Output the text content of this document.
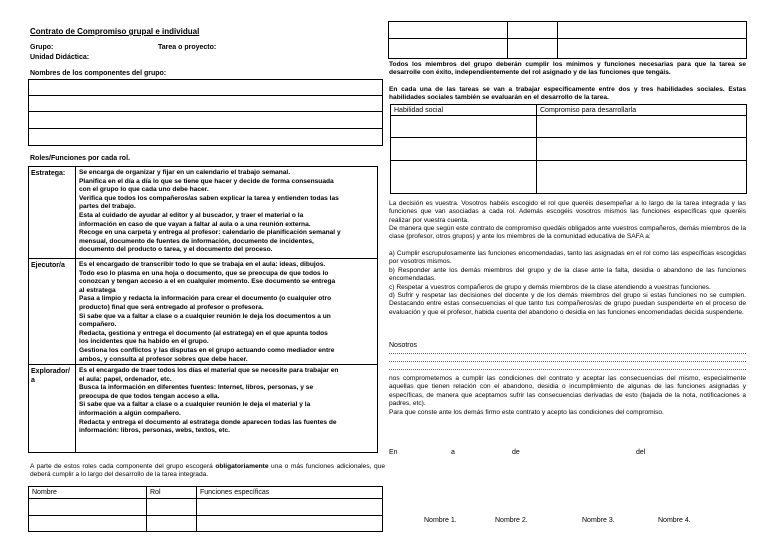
Contrato de Compromiso grupal e individual
Grupo:	Tarea o proyecto:
Unidad Didáctica:
Nombres de los componentes del grupo:
Roles/Funciones por cada rol.
Estratega: Se encarga de organizar y fijar en un calendario el trabajo semanal.
Planifica en el día a día lo que se tiene que hacer y decide de forma consensuada
con el grupo lo que cada uno debe hacer.
Verifica que todos los compañeros/as saben explicar la tarea y entienden todas las
partes del trabajo.
Esta al cuidado de ayudar al editor y al buscador, y traer el material o la
información en caso de que vayan a faltar al aula o a una reunión externa.
Recoge en una carpeta y entrega al profesor: calendario de planificación semanal y
mensual, documento de fuentes de información, documento de incidentes,
documento del producto o tarea, y el documento del proceso.
Ejecutor/a Es el encargado de transcribir todo lo que se trabaja en el aula: ideas, dibujos.
Todo eso lo plasma en una hoja o documento, que se preocupa de que todos lo
conozcan y tengan acceso a el en cualquier momento. Ese documento se entrega
al estratega
Pasa a limpio y redacta la información para crear el documento (o cualquier otro
producto) final que será entregado al profesor o profesora.
Si sabe que va a faltar a clase o a cualquier reunión le deja los documentos a un
compañero.
Redacta, gestiona y entrega el documento (al estratega) en el que apunta todos
los incidentes que ha habido en el grupo.
Gestiona los conflictos y las disputas en el grupo actuando como mediador entre
ambos, y consulta al profesor sobres que debe hacer.
Explorador/a
Es el encargado de traer todos los días el material que se necesite para trabajar en
el aula: papel, ordenador, etc.
Busca la información en diferentes fuentes: Internet, libros, personas, y se
preocupa de que todos tengan acceso a ella.
Si sabe que va a faltar a clase o a cualquier reunión le deja el material y la
información a algún compañero.
Redacta y entrega el documento al estratega donde aparecen todas las fuentes de
información: libros, personas, webs, textos, etc.
A parte de estos roles cada componente del grupo escogerá obligatoriamente una o más funciones adicionales, que deberá cumplir a lo largo del desarrollo de la tarea integrada.
Nombre	Rol	Funciones específicas
Todos los miembros del grupo deberán cumplir los mínimos y funciones necesarias para que la tarea se desarrolle con éxito, independientemente del rol asignado y de las funciones que tengáis.
En cada una de las tareas se van a trabajar específicamente entre dos y tres habilidades sociales. Estas habilidades sociales también se evaluarán en el desarrollo de la tarea.
Habilidad social	Compromiso para desarrollarla
La decisión es vuestra. Vosotros habéis escogido el rol que queréis desempeñar a lo largo de la tarea integrada y las funciones que van asociadas a cada rol. Además escogéis vosotros mismos las funciones específicas que queréis realizar por vuestra cuenta.
De manera que según este contrato de compromiso quedáis obligados ante vuestros compañeros, demás miembros de la clase (profesor, otros grupos) y ante los miembros de la comunidad educativa de SAFA a:
a) Cumplir escrupulosamente las funciones encomendadas, tanto las asignadas en el rol como las específicas escogidas por vosotros mismos.
b) Responder ante los demás miembros del grupo y de la clase ante la falta, desidia o abandono de las funciones encomendadas.
c) Respetar a vuestros compañeros de grupo y demás miembros de la clase atendiendo a vuestras funciones.
d) Sufrir y respetar las decisiones del docente y de los demás miembros del grupo si estas funciones no se cumplen. Destacando entre estas consecuencias el que tanto tus compañeros/as de grupo puedan suspenderte en el proceso de evaluación y que el profesor, habida cuenta del abandono o desidia en las funciones encomendadas decida suspenderte.
Nosotros
nos comprometemos a cumplir las condiciones del contrato y aceptar las consecuencias del mismo, especialmente aquellas que tienen relación con el abandono, desidia o incumplimiento de algunas de las funciones asignadas y específicas, de manera que aceptamos sufrir las consecuencias derivadas de esto (bajada de la nota, notificaciones a padres, etc).
Para que conste ante los demás firmo este contrato y acepto las condiciones del compromiso.
En	a	de	del
Nombre 1.	Nombre 2.	Nombre 3.	Nombre 4.
